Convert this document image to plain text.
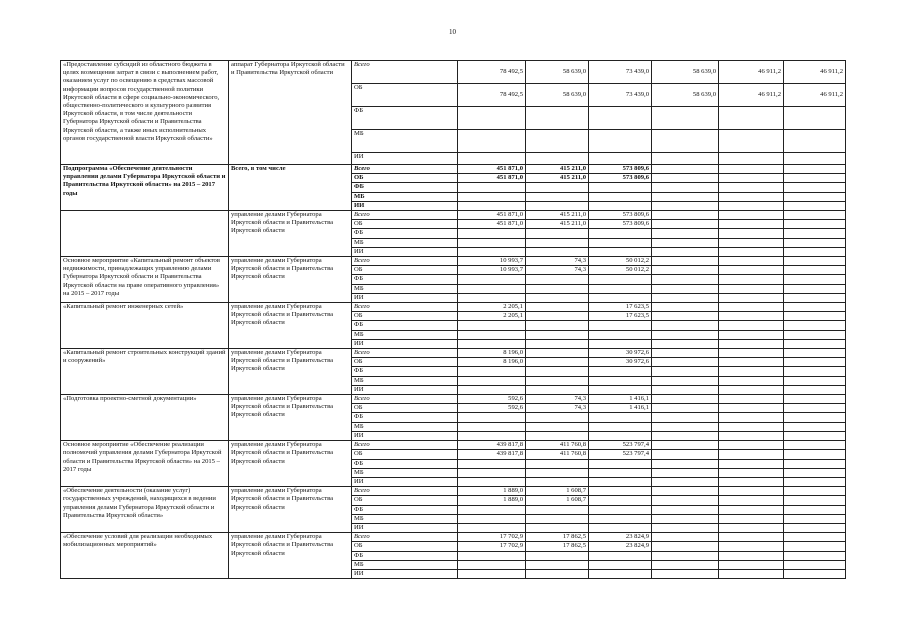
10
«Предоставление субсидий из областного бюджета в целях возмещения затрат в связи с выполнением работ, оказанием услуг по освещению в средствах массовой информации вопросов государственной политики Иркутской области в сфере социально-экономического, общественно-политического и культурного развития Иркутской области, в том числе деятельности Губернатора Иркутской области и Правительства Иркутской области, а также иных исполнительных органов государственной власти Иркутской области»	аппарат Губернатора Иркутской области и Правительства Иркутской области	Всего	78 492,5	58 639,0	73 439,0	58 639,0	46 911,2	46 911,2
		ОБ	78 492,5	58 639,0	73 439,0	58 639,0	46 911,2	46 911,2
		ФБ						
		МБ						
		ИИ						
Подпрограмма «Обеспечение деятельности управления делами Губернатора Иркутской области и Правительства Иркутской области» на 2015 – 2017 годы	Всего, в том числе	Всего	451 871,0	415 211,0	573 809,6			
		ОБ	451 871,0	415 211,0	573 809,6			
		ФБ						
		МБ						
		ИИ						
	управление делами Губернатора Иркутской области и Правительства Иркутской области	Всего	451 871,0	415 211,0	573 809,6			
		ОБ	451 871,0	415 211,0	573 809,6			
		ФБ						
		МБ						
		ИИ						
Основное мероприятие «Капитальный ремонт объектов недвижимости, принадлежащих управлению делами Губернатора Иркутской области и Правительства Иркутской области на праве оперативного управления» на 2015 – 2017 годы	управление делами Губернатора Иркутской области и Правительства Иркутской области	Всего	10 993,7	74,3	50 012,2			
		ОБ	10 993,7	74,3	50 012,2			
		ФБ						
		МБ						
		ИИ						
«Капитальный ремонт инженерных сетей»	управление делами Губернатора Иркутской области и Правительства Иркутской области	Всего	2 205,1		17 623,5			
		ОБ	2 205,1		17 623,5			
		ФБ						
		МБ						
		ИИ						
«Капитальный ремонт строительных конструкций зданий и сооружений»	управление делами Губернатора Иркутской области и Правительства Иркутской области	Всего	8 196,0		30 972,6			
		ОБ	8 196,0		30 972,6			
		ФБ						
		МБ						
		ИИ						
«Подготовка проектно-сметной документации»	управление делами Губернатора Иркутской области и Правительства Иркутской области	Всего	592,6	74,3	1 416,1			
		ОБ	592,6	74,3	1 416,1			
		ФБ						
		МБ						
		ИИ						
Основное мероприятие «Обеспечение реализации полномочий управления делами Губернатора Иркутской области и Правительства Иркутской области» на 2015 – 2017 годы	управление делами Губернатора Иркутской области и Правительства Иркутской области	Всего	439 817,8	411 760,8	523 797,4			
		ОБ	439 817,8	411 760,8	523 797,4			
		ФБ						
		МБ						
		ИИ						
«Обеспечение деятельности (оказание услуг) государственных учреждений, находящихся в ведении управления делами Губернатора Иркутской области и Правительства Иркутской области»	управление делами Губернатора Иркутской области и Правительства Иркутской области	Всего	1 889,0	1 608,7				
		ОБ	1 889,0	1 608,7				
		ФБ						
		МБ						
		ИИ						
«Обеспечение условий для реализации необходимых мобилизационных мероприятий»	управление делами Губернатора Иркутской области и Правительства Иркутской области	Всего	17 702,9	17 862,5	23 824,9			
		ОБ	17 702,9	17 862,5	23 824,9			
		ФБ						
		МБ						
		ИИ						
